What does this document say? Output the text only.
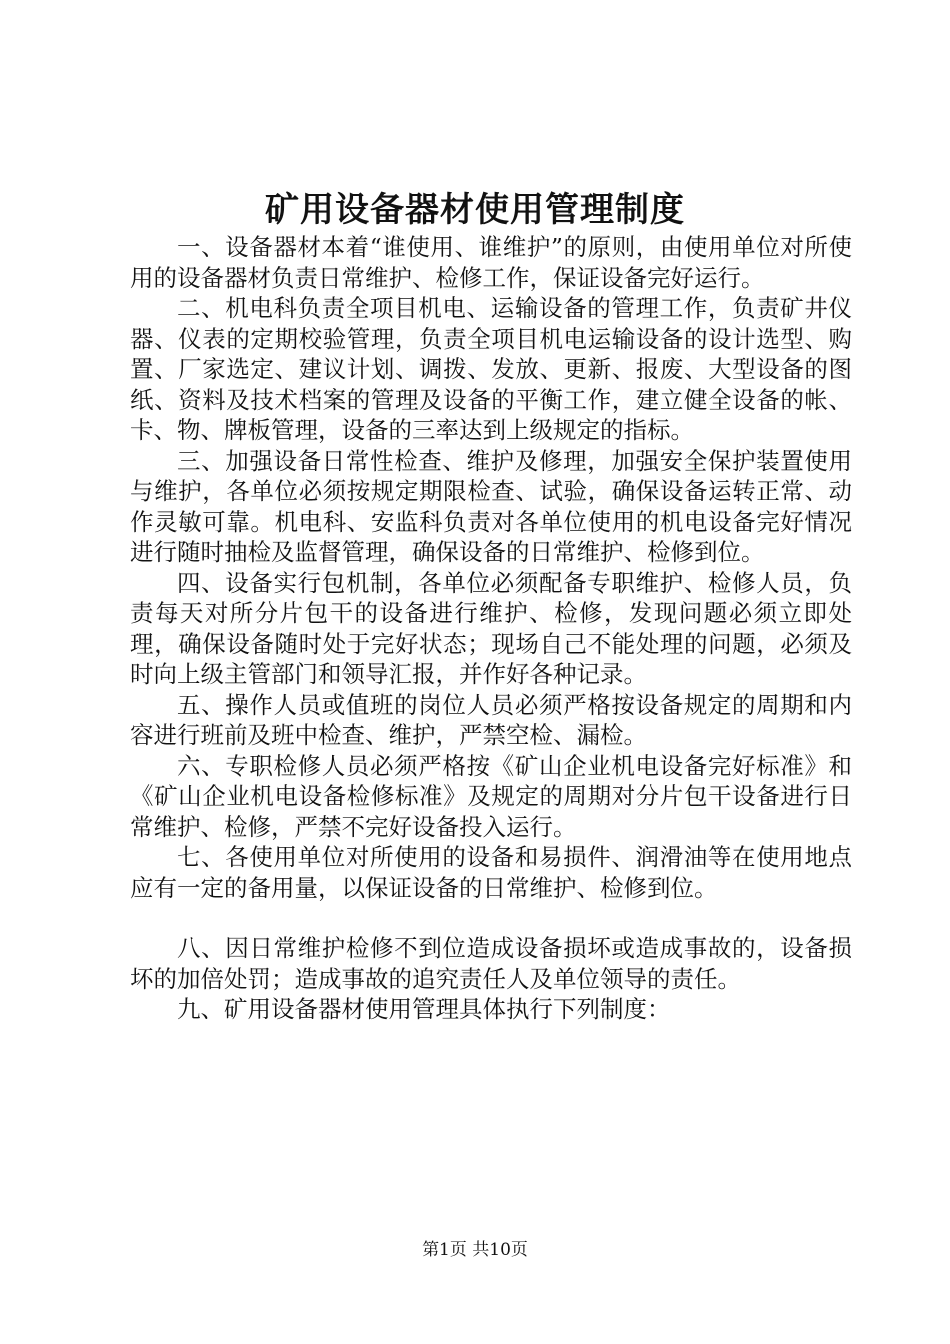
矿用设备器材使用管理制度

一、设备器材本着“谁使用、谁维护”的原则，由使用单位对所使用的设备器材负责日常维护、检修工作，保证设备完好运行。

二、机电科负责全项目机电、运输设备的管理工作，负责矿井仪器、仪表的定期校验管理，负责全项目机电运输设备的设计选型、购置、厂家选定、建议计划、调拨、发放、更新、报废、大型设备的图纸、资料及技术档案的管理及设备的平衡工作，建立健全设备的帐、卡、物、牌板管理，设备的三率达到上级规定的指标。

三、加强设备日常性检查、维护及修理，加强安全保护装置使用与维护，各单位必须按规定期限检查、试验，确保设备运转正常、动作灵敏可靠。机电科、安监科负责对各单位使用的机电设备完好情况进行随时抽检及监督管理，确保设备的日常维护、检修到位。

四、设备实行包机制，各单位必须配备专职维护、检修人员，负责每天对所分片包干的设备进行维护、检修，发现问题必须立即处理，确保设备随时处于完好状态；现场自己不能处理的问题，必须及时向上级主管部门和领导汇报，并作好各种记录。

五、操作人员或值班的岗位人员必须严格按设备规定的周期和内容进行班前及班中检查、维护，严禁空检、漏检。

六、专职检修人员必须严格按《矿山企业机电设备完好标准》和《矿山企业机电设备检修标准》及规定的周期对分片包干设备进行日常维护、检修，严禁不完好设备投入运行。

七、各使用单位对所使用的设备和易损件、润滑油等在使用地点应有一定的备用量，以保证设备的日常维护、检修到位。

八、因日常维护检修不到位造成设备损坏或造成事故的，设备损坏的加倍处罚；造成事故的追究责任人及单位领导的责任。

九、矿用设备器材使用管理具体执行下列制度：

第1页 共10页
